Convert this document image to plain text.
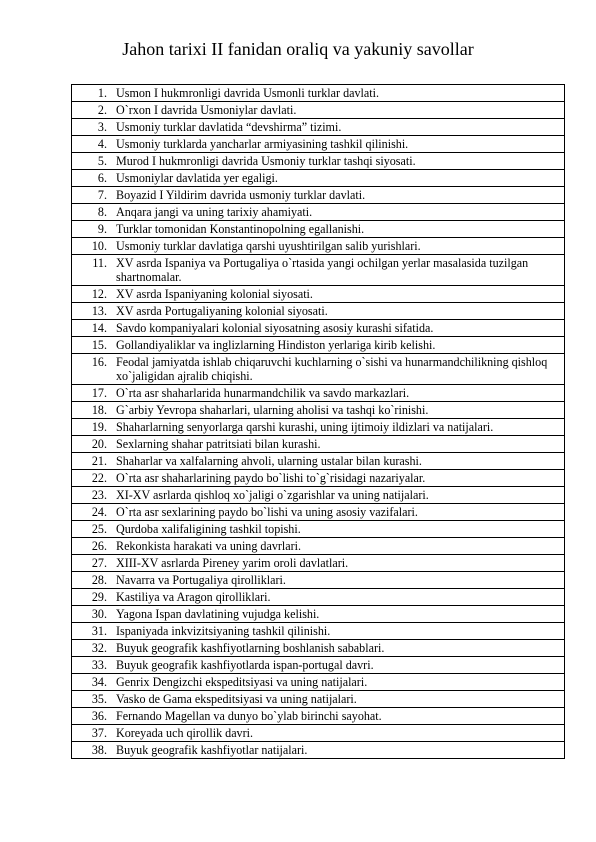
Jahon tarixi II fanidan oraliq va yakuniy savollar
1.	Usmon I hukmronligi davrida Usmonli turklar davlati.
2.	O`rxon I davrida Usmoniylar davlati.
3.	Usmoniy turklar davlatida “devshirma” tizimi.
4.	Usmoniy turklarda yancharlar armiyasining tashkil qilinishi.
5.	Murod I hukmronligi davrida Usmoniy turklar tashqi siyosati.
6.	Usmoniylar davlatida yer egaligi.
7.	Boyazid I Yildirim davrida usmoniy turklar davlati.
8.	Anqara jangi va uning tarixiy ahamiyati.
9.	Turklar tomonidan Konstantinopolning egallanishi.
10.	Usmoniy turklar davlatiga qarshi uyushtirilgan salib yurishlari.
11.	XV asrda Ispaniya va Portugaliya o`rtasida yangi ochilgan yerlar masalasida tuzilgan shartnomalar.
12.	XV asrda Ispaniyaning kolonial siyosati.
13.	XV asrda Portugaliyaning kolonial siyosati.
14.	Savdo kompaniyalari kolonial siyosatning asosiy kurashi sifatida.
15.	Gollandiyaliklar va inglizlarning Hindiston yerlariga kirib kelishi.
16.	Feodal jamiyatda ishlab chiqaruvchi kuchlarning o`sishi va hunarmandchilikning qishloq xo`jaligidan ajralib chiqishi.
17.	O`rta asr shaharlarida hunarmandchilik va savdo markazlari.
18.	G`arbiy Yevropa shaharlari, ularning aholisi va tashqi ko`rinishi.
19.	Shaharlarning senyorlarga qarshi kurashi, uning ijtimoiy ildizlari va natijalari.
20.	Sexlarning shahar patritsiati bilan kurashi.
21.	Shaharlar va xalfalarning ahvoli, ularning ustalar bilan kurashi.
22.	O`rta asr shaharlarining paydo bo`lishi to`g`risidagi nazariyalar.
23.	XI-XV asrlarda qishloq xo`jaligi o`zgarishlar va uning natijalari.
24.	O`rta asr sexlarining paydo bo`lishi va uning asosiy vazifalari.
25.	Qurdoba xalifaligining tashkil topishi.
26.	Rekonkista harakati va uning davrlari.
27.	XIII-XV asrlarda Pireney yarim oroli davlatlari.
28.	Navarra va Portugaliya qirolliklari.
29.	Kastiliya va Aragon qirolliklari.
30.	Yagona Ispan davlatining vujudga kelishi.
31.	Ispaniyada inkvizitsiyaning tashkil qilinishi.
32.	Buyuk geografik kashfiyotlarning boshlanish sabablari.
33.	Buyuk geografik kashfiyotlarda ispan-portugal davri.
34.	Genrix Dengizchi ekspeditsiyasi va uning natijalari.
35.	Vasko de Gama ekspeditsiyasi va uning natijalari.
36.	Fernando Magellan va dunyo bo`ylab birinchi sayohat.
37.	Koreyada uch qirollik davri.
38.	Buyuk geografik kashfiyotlar natijalari.
